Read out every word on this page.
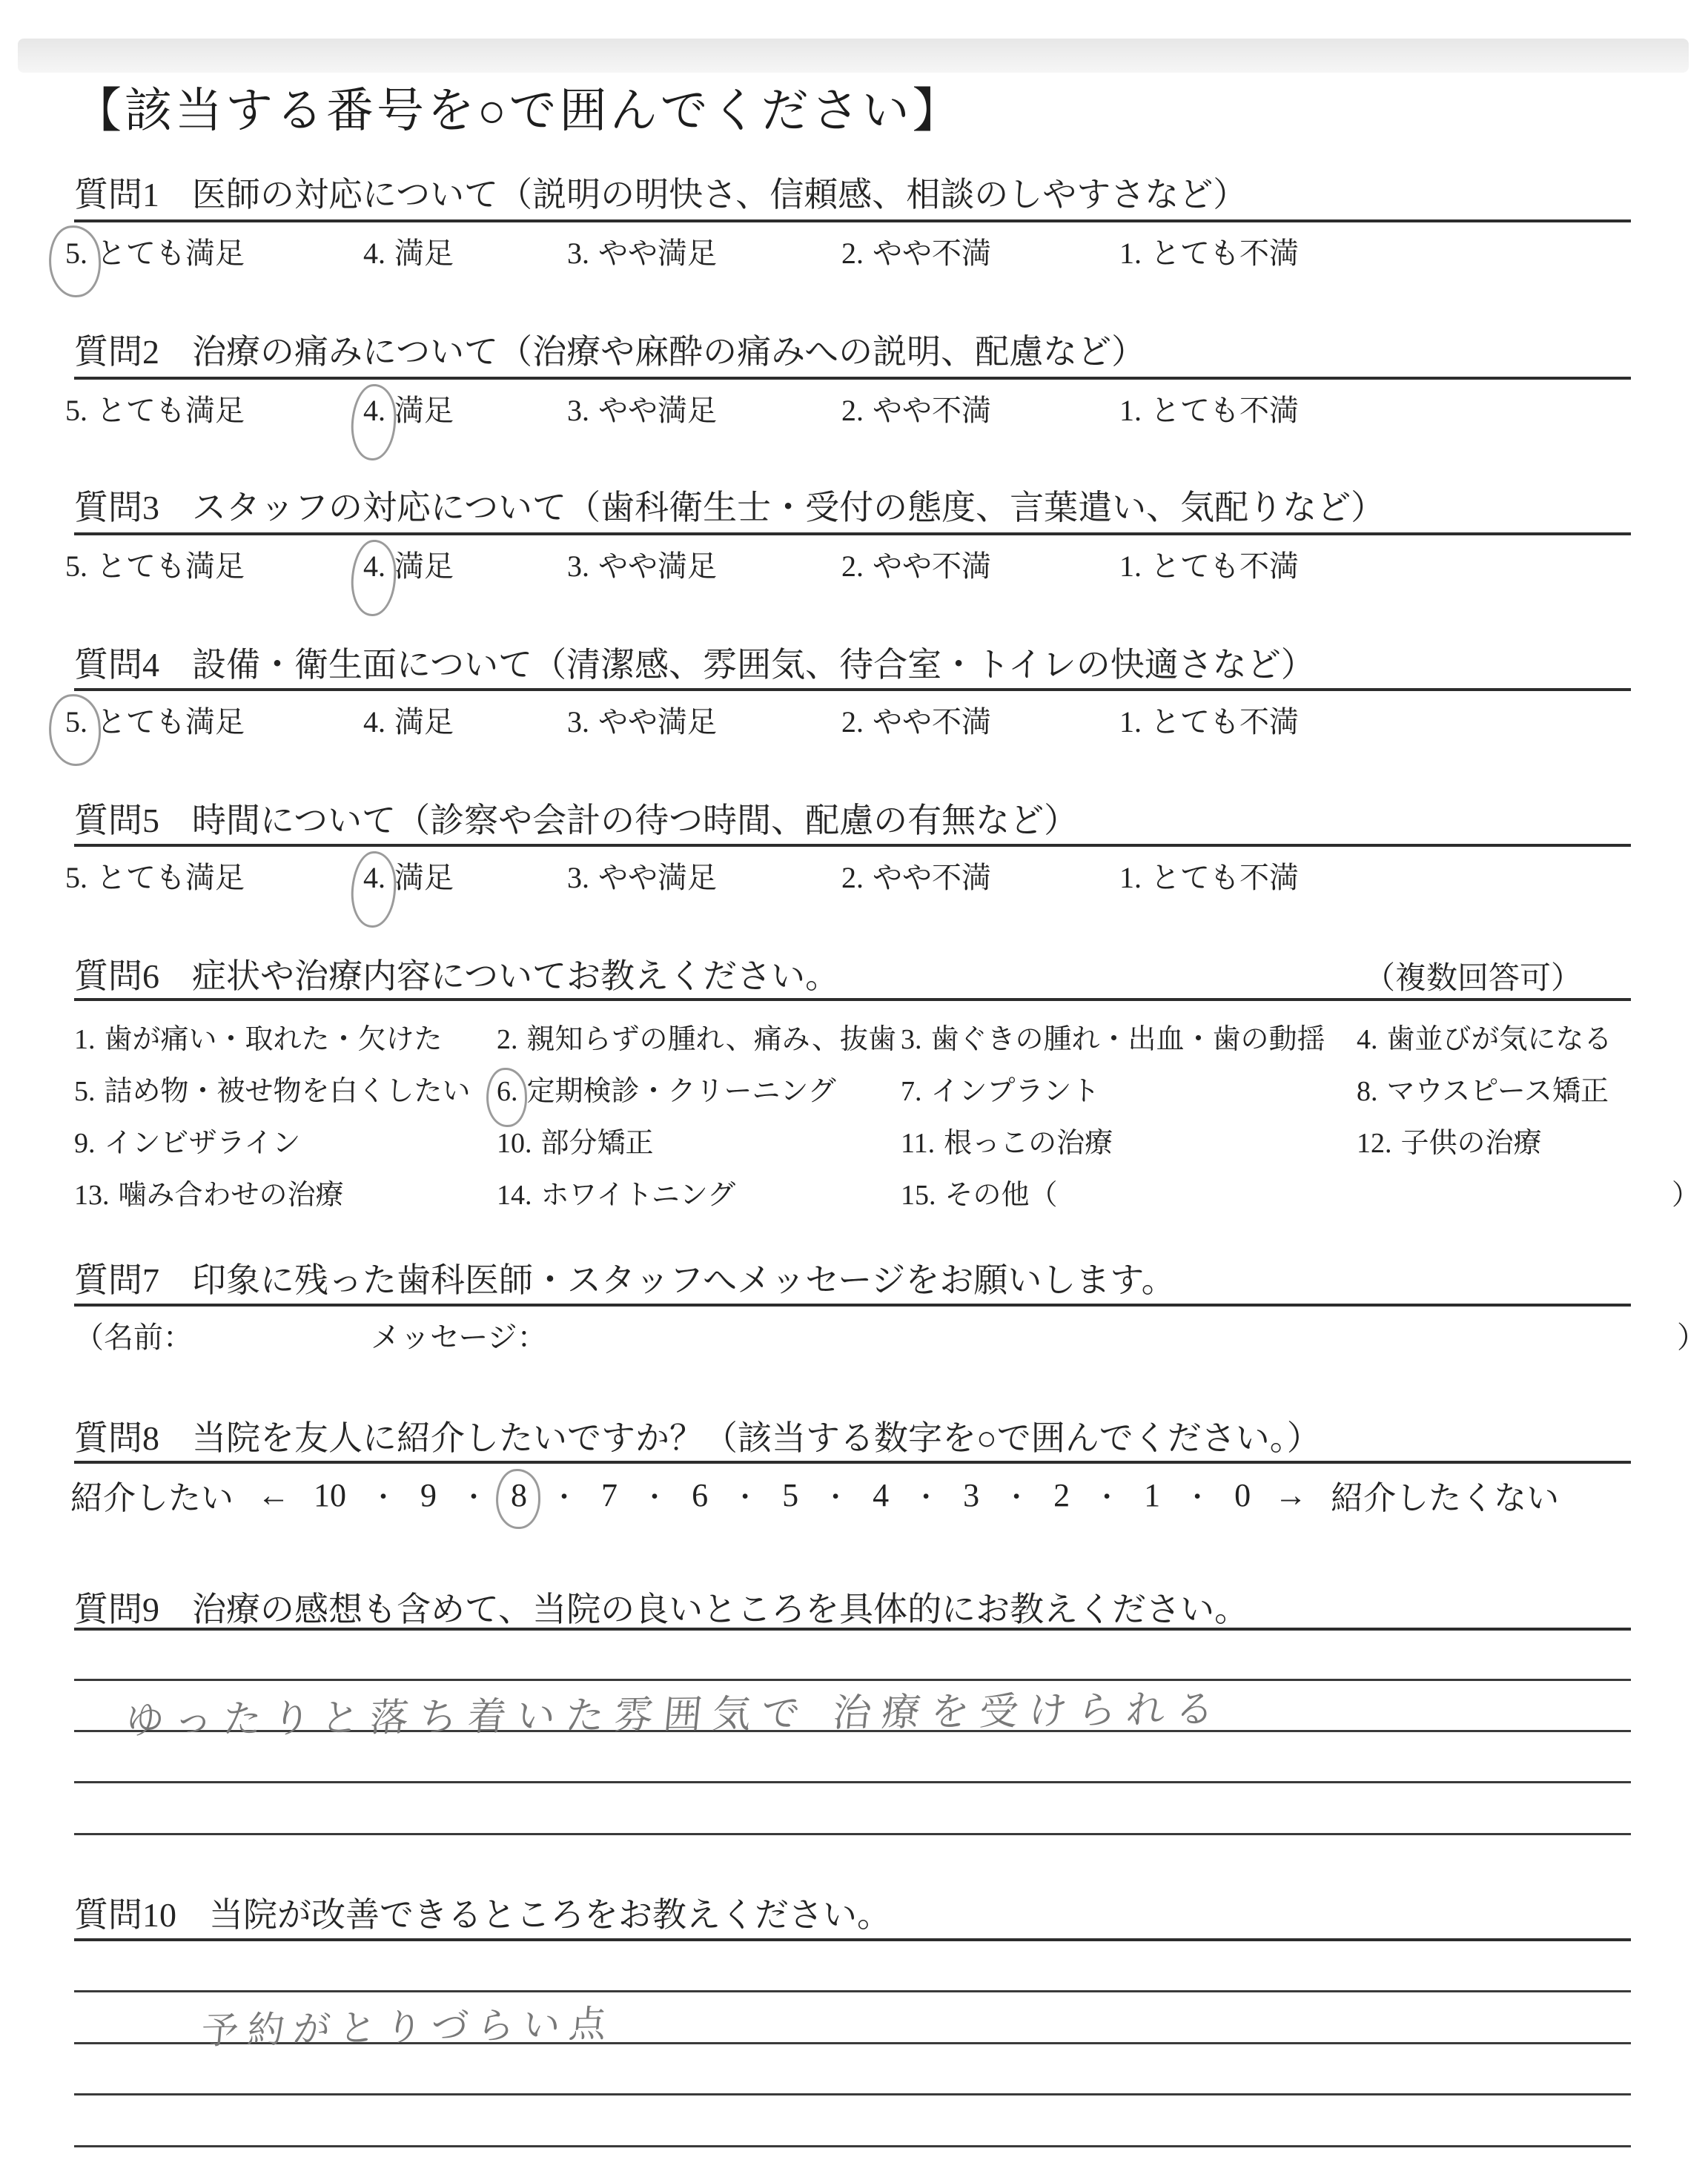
【該当する番号を○で囲んでください】
質問1 医師の対応について（説明の明快さ、信頼感、相談のしやすさなど）
5. とても満足	4. 満足	3. やや満足	2. やや不満	1. とても不満
質問2 治療の痛みについて（治療や麻酔の痛みへの説明、配慮など）
5. とても満足	4. 満足	3. やや満足	2. やや不満	1. とても不満
質問3 スタッフの対応について（歯科衛生士・受付の態度、言葉遣い、気配りなど）
5. とても満足	4. 満足	3. やや満足	2. やや不満	1. とても不満
質問4 設備・衛生面について（清潔感、雰囲気、待合室・トイレの快適さなど）
5. とても満足	4. 満足	3. やや満足	2. やや不満	1. とても不満
質問5 時間について（診察や会計の待つ時間、配慮の有無など）
5. とても満足	4. 満足	3. やや満足	2. やや不満	1. とても不満
質問6 症状や治療内容についてお教えください。	（複数回答可）
1. 歯が痛い・取れた・欠けた 2. 親知らずの腫れ、痛み、抜歯 3. 歯ぐきの腫れ・出血・歯の動揺 4. 歯並びが気になる
5. 詰め物・被せ物を白くしたい 6. 定期検診・クリーニング 7. インプラント	8. マウスピース矯正
9. インビザライン	10. 部分矯正	11. 根っこの治療	12. 子供の治療
13. 噛み合わせの治療	14. ホワイトニング	15. その他（	）
質問7 印象に残った歯科医師・スタッフへメッセージをお願いします。
（名前：	メッセージ：	）
質問8 当院を友人に紹介したいですか？（該当する数字を○で囲んでください。）
紹介したい ← 10 ・ 9 ・ 8 ・ 7 ・ 6 ・ 5 ・ 4 ・ 3 ・ 2 ・ 1 ・ 0 → 紹介したくない
質問9 治療の感想も含めて、当院の良いところを具体的にお教えください。
ゆったりと落ち着いた雰囲気で 治療を受けられる
質問10 当院が改善できるところをお教えください。
予約がとりづらい点
